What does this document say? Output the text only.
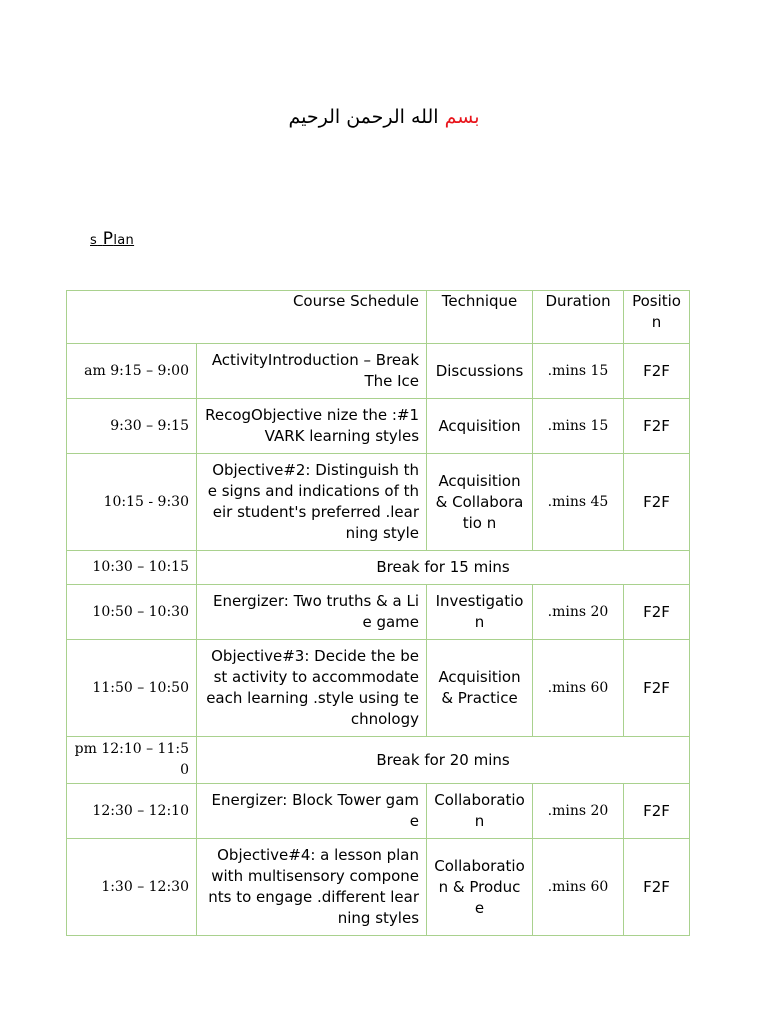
بسم الله الرحمن الرحيم
s Plan
Course Schedule		Technique	Duration	Positio n
am 9:15 – 9:00	ActivityIntroduction – Break The Ice	Discussions	.mins 15	F2F
9:30 – 9:15	RecogObjective nize the :#1 VARK learning styles	Acquisition	.mins 15	F2F
10:15 - 9:30	Objective#2: Distinguish the signs and indications of their student's preferred .learning style	Acquisition & Collaboratio n	.mins 45	F2F
10:30 – 10:15	Break for 15 mins			
10:50 – 10:30	Energizer: Two truths & a Lie game	Investigatio n	.mins 20	F2F
11:50 – 10:50	Objective#3: Decide the best activity to accommodate each learning .style using technology	Acquisition & Practice	.mins 60	F2F
pm 12:10 – 11:50	Break for 20 mins			
12:30 – 12:10	Energizer: Block Tower game	Collaboratio n	.mins 20	F2F
1:30 – 12:30	Objective#4: a lesson plan with multisensory components to engage .different learning styles	Collaboratio n & Produce	.mins 60	F2F
